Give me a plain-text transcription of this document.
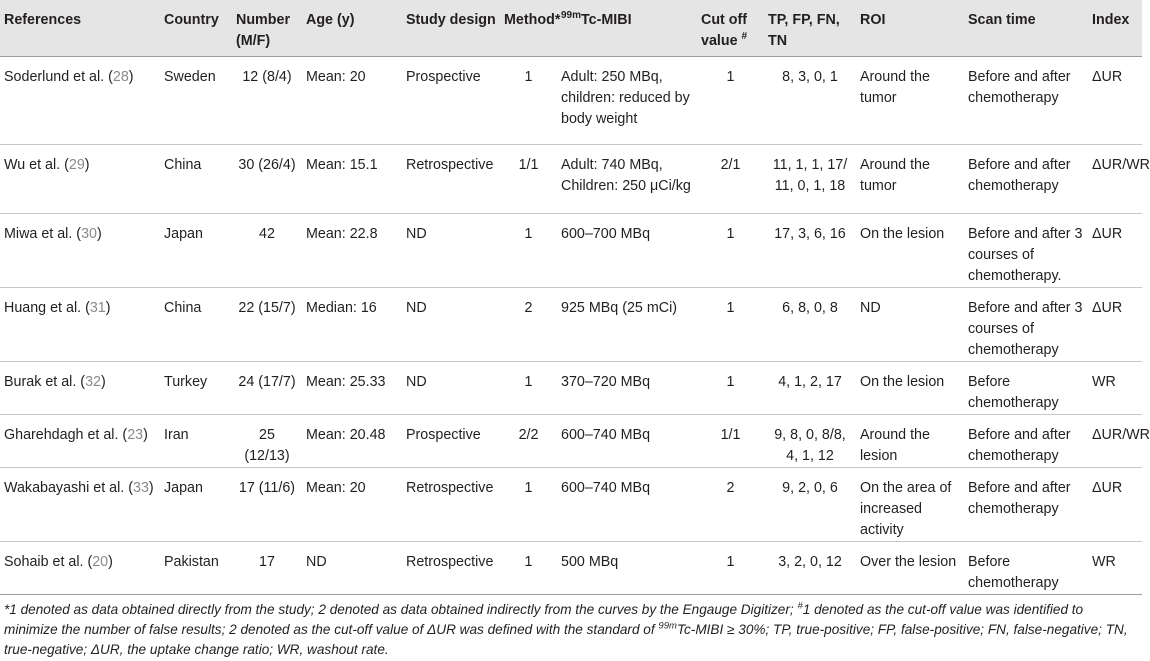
References	Country	Number (M/F)	Age (y)	Study design	Method*	$^{99m}$Tc-MIBI	Cut off value #	TP, FP, FN, TN	ROI	Scan time	Index
Soderlund et al. (28)	Sweden	12 (8/4)	Mean: 20	Prospective	1	Adult: 250 MBq, children: reduced by body weight	1	8, 3, 0, 1	Around the tumor	Before and after chemotherapy	ΔUR
Wu et al. (29)	China	30 (26/4)	Mean: 15.1	Retrospective	1/1	Adult: 740 MBq, Children: 250 μCi/kg	2/1	11, 1, 1, 17/ 11, 0, 1, 18	Around the tumor	Before and after chemotherapy	ΔUR/WR
Miwa et al. (30)	Japan	42	Mean: 22.8	ND	1	600–700 MBq	1	17, 3, 6, 16	On the lesion	Before and after 3 courses of chemotherapy.	ΔUR
Huang et al. (31)	China	22 (15/7)	Median: 16	ND	2	925 MBq (25 mCi)	1	6, 8, 0, 8	ND	Before and after 3 courses of chemotherapy	ΔUR
Burak et al. (32)	Turkey	24 (17/7)	Mean: 25.33	ND	1	370–720 MBq	1	4, 1, 2, 17	On the lesion	Before chemotherapy	WR
Gharehdagh et al. (23)	Iran	25 (12/13)	Mean: 20.48	Prospective	2/2	600–740 MBq	1/1	9, 8, 0, 8/8, 4, 1, 12	Around the lesion	Before and after chemotherapy	ΔUR/WR
Wakabayashi et al. (33)	Japan	17 (11/6)	Mean: 20	Retrospective	1	600–740 MBq	2	9, 2, 0, 6	On the area of increased activity	Before and after chemotherapy	ΔUR
Sohaib et al. (20)	Pakistan	17	ND	Retrospective	1	500 MBq	1	3, 2, 0, 12	Over the lesion	Before chemotherapy	WR
*1 denoted as data obtained directly from the study; 2 denoted as data obtained indirectly from the curves by the Engauge Digitizer; #1 denoted as the cut-off value was identified to minimize the number of false results; 2 denoted as the cut-off value of ΔUR was defined with the standard of $^{99m}$Tc-MIBI ≥ 30%; TP, true-positive; FP, false-positive; FN, false-negative; TN, true-negative; ΔUR, the uptake change ratio; WR, washout rate.
